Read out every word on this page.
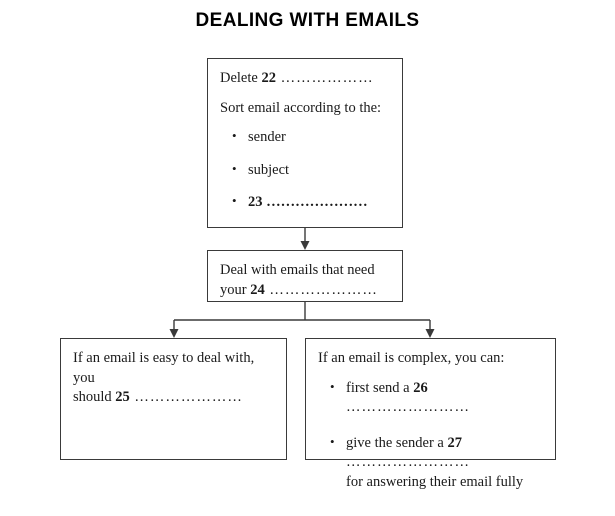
DEALING WITH EMAILS

Delete 22 ………………

Sort email according to the:

• sender
• subject
• 23 …………………

Deal with emails that need

your 24 …………………

If an email is easy to deal with, you

should 25 …………………

If an email is complex, you can:

• first send a 26 ……………………
• give the sender a 27 ……………………
for answering their email fully
